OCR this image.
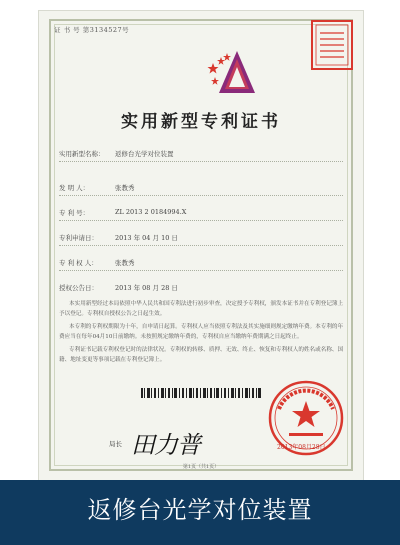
证 书 号 第3134527号
实用新型专利证书
实用新型名称： 返修台光学对位装置
发 明 人：	张教秀
专 利 号：	ZL 2013 2 0184994.X
专利申请日：	2013 年 04 月 10 日
专 利 权 人：	张教秀
授权公告日：	2013 年 08 月 28 日

本实用新型经过本局依照中华人民共和国专利法进行初步审查，决定授予专利权，颁发本证书并在专利登记簿上予以登记。专利权自授权公告之日起生效。

本专利的专利权期限为十年，自申请日起算。专利权人应当依照专利法及其实施细则规定缴纳年费。本专利的年费应当在每年04月10日前缴纳。未按照规定缴纳年费的，专利权自应当缴纳年费期满之日起终止。

专利证书记载专利权登记时的法律状况。专利权的转移、质押、无效、终止、恢复和专利权人的姓名或名称、国籍、地址变更等事项记载在专利登记簿上。

局长 田力普	2013年08月28日
第1页（共1页）
返修台光学对位装置
